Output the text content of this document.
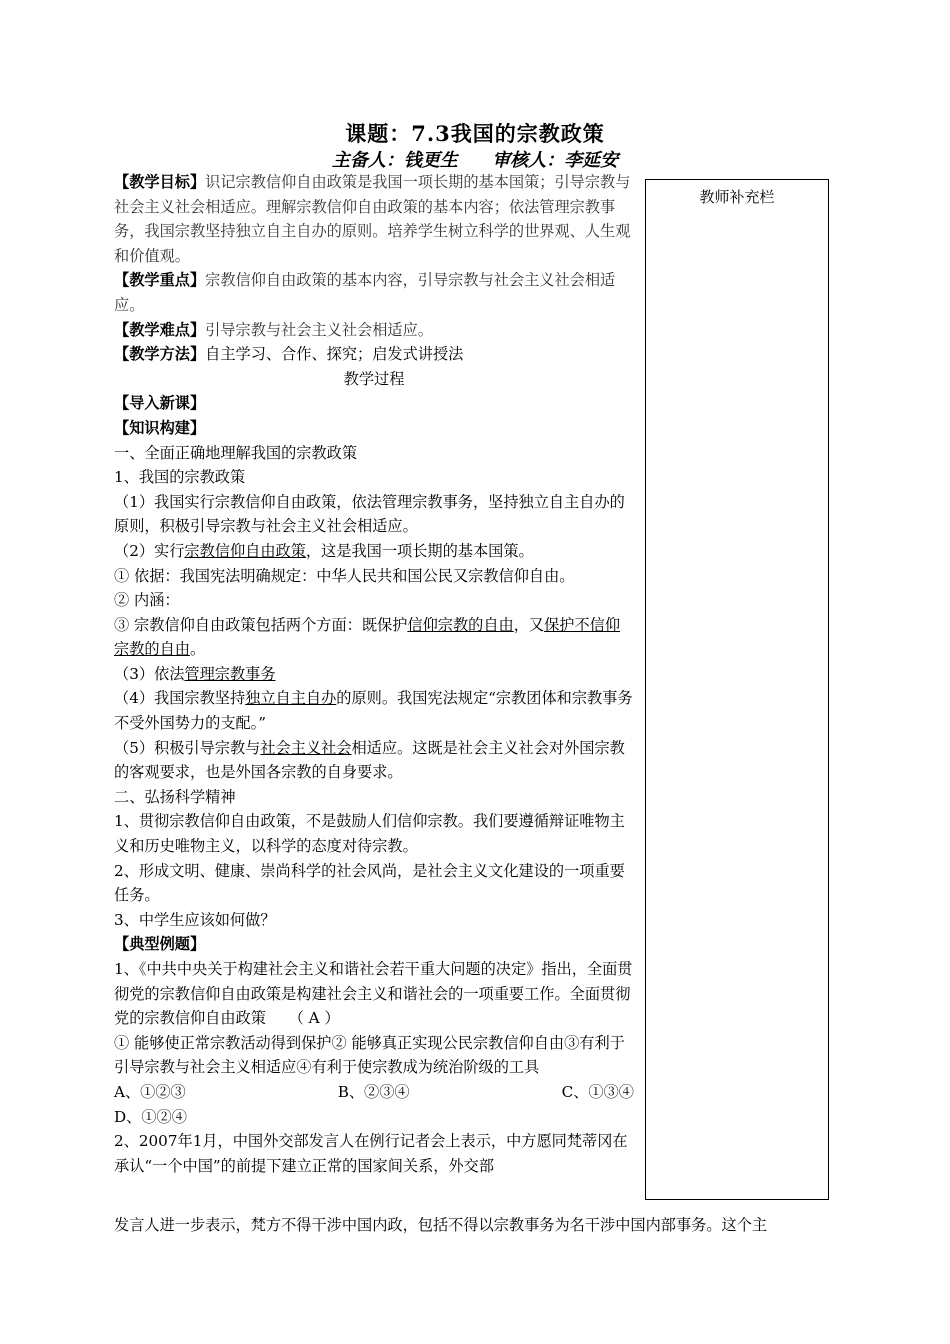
课题：7.3我国的宗教政策
主备人：钱更生 审核人：李延安
教师补充栏

【教学目标】识记宗教信仰自由政策是我国一项长期的基本国策；引导宗教与社会主义社会相适应。理解宗教信仰自由政策的基本内容；依法管理宗教事务，我国宗教坚持独立自主自办的原则。培养学生树立科学的世界观、人生观和价值观。

【教学重点】宗教信仰自由政策的基本内容，引导宗教与社会主义社会相适应。

【教学难点】引导宗教与社会主义社会相适应。

【教学方法】自主学习、合作、探究；启发式讲授法

教学过程

【导入新课】

【知识构建】

一、全面正确地理解我国的宗教政策

1、我国的宗教政策

（1）我国实行宗教信仰自由政策，依法管理宗教事务，坚持独立自主自办的原则，积极引导宗教与社会主义社会相适应。

（2）实行宗教信仰自由政策，这是我国一项长期的基本国策。

① 依据：我国宪法明确规定：中华人民共和国公民又宗教信仰自由。

② 内涵：

③ 宗教信仰自由政策包括两个方面：既保护信仰宗教的自由，又保护不信仰宗教的自由。

（3）依法管理宗教事务

（4）我国宗教坚持独立自主自办的原则。我国宪法规定“宗教团体和宗教事务不受外国势力的支配。”

（5）积极引导宗教与社会主义社会相适应。这既是社会主义社会对外国宗教的客观要求，也是外国各宗教的自身要求。

二、弘扬科学精神

1、贯彻宗教信仰自由政策，不是鼓励人们信仰宗教。我们要遵循辩证唯物主义和历史唯物主义，以科学的态度对待宗教。

2、形成文明、健康、崇尚科学的社会风尚，是社会主义文化建设的一项重要任务。

3、中学生应该如何做？

【典型例题】

1、《中共中央关于构建社会主义和谐社会若干重大问题的决定》指出，全面贯彻党的宗教信仰自由政策是构建社会主义和谐社会的一项重要工作。全面贯彻党的宗教信仰自由政策　　（ A ）

① 能够使正常宗教活动得到保护② 能够真正实现公民宗教信仰自由③有利于引导宗教与社会主义相适应④有利于使宗教成为统治阶级的工具

A、①②③	B、②③④	C、①③④

D、①②④

2、2007年1月，中国外交部发言人在例行记者会上表示，中方愿同梵蒂冈在承认“一个中国”的前提下建立正常的国家间关系，外交部

发言人进一步表示，梵方不得干涉中国内政，包括不得以宗教事务为名干涉中国内部事务。这个主
